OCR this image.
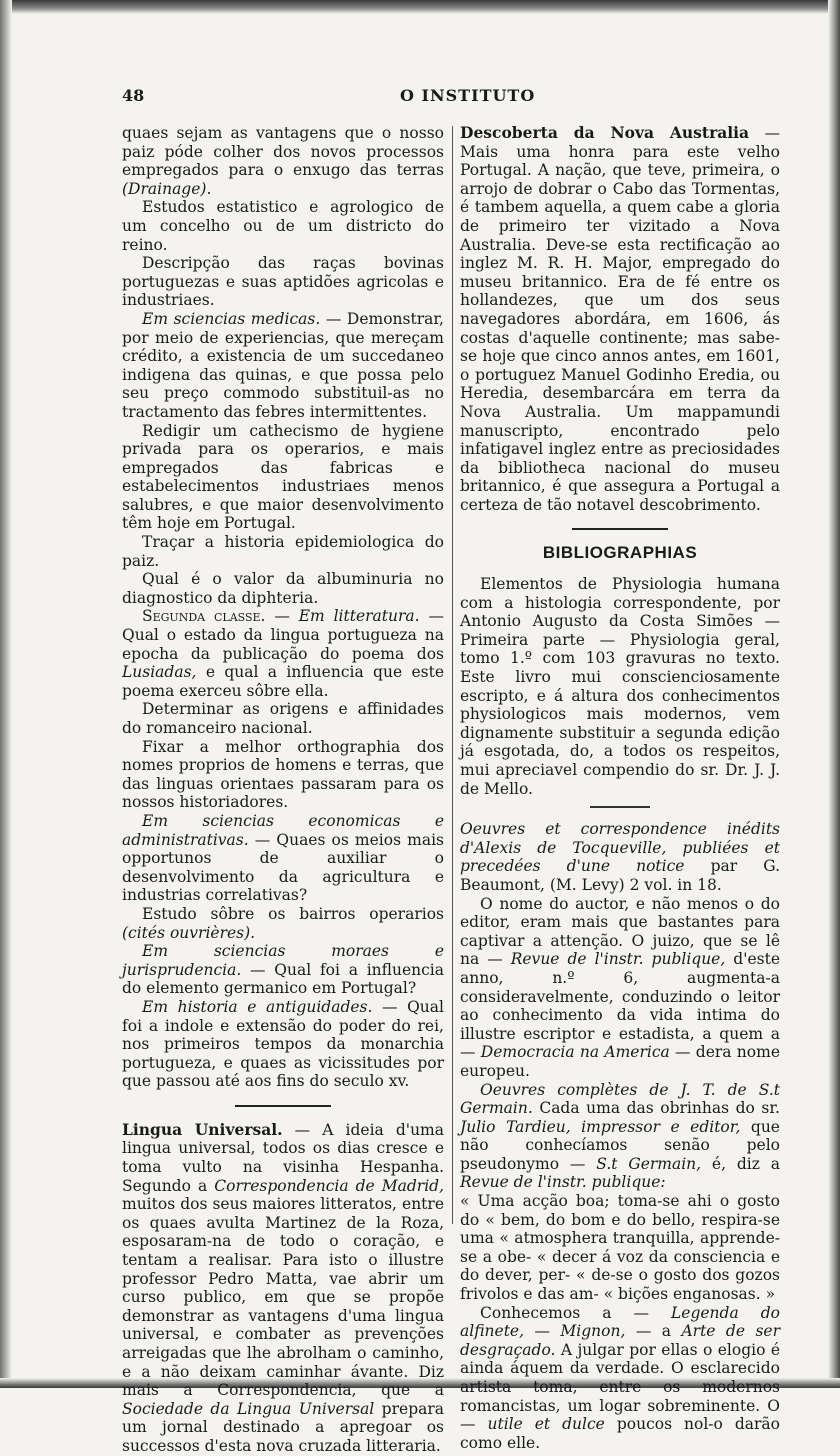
48	O INSTITUTO

quaes sejam as vantagens que o nosso paiz póde colher dos novos processos empregados para o enxugo das terras (Drainage).

Estudos estatistico e agrologico de um concelho ou de um districto do reino.

Descripção das raças bovinas portuguezas e suas aptidões agricolas e industriaes.

Em sciencias medicas. — Demonstrar, por meio de experiencias, que mereçam crédito, a existencia de um succedaneo indigena das quinas, e que possa pelo seu preço commodo substituil-as no tractamento das febres intermittentes.

Redigir um cathecismo de hygiene privada para os operarios, e mais empregados das fabricas e estabelecimentos industriaes menos salubres, e que maior desenvolvimento têm hoje em Portugal.

Traçar a historia epidemiologica do paiz.

Qual é o valor da albuminuria no diagnostico da diphteria.

Segunda classe. — Em litteratura. — Qual o estado da lingua portugueza na epocha da publicação do poema dos Lusiadas, e qual a influencia que este poema exerceu sôbre ella.

Determinar as origens e affinidades do romanceiro nacional.

Fixar a melhor orthographia dos nomes proprios de homens e terras, que das linguas orientaes passaram para os nossos historiadores.

Em sciencias economicas e administrativas. — Quaes os meios mais opportunos de auxiliar o desenvolvimento da agricultura e industrias correlativas?

Estudo sôbre os bairros operarios (cités ouvrières).

Em sciencias moraes e jurisprudencia. — Qual foi a influencia do elemento germanico em Portugal?

Em historia e antiguidades. — Qual foi a indole e extensão do poder do rei, nos primeiros tempos da monarchia portugueza, e quaes as vicissitudes por que passou até aos fins do seculo xv.

Lingua Universal. — A ideia d'uma lingua universal, todos os dias cresce e toma vulto na visinha Hespanha. Segundo a Correspondencia de Madrid, muitos dos seus maiores litteratos, entre os quaes avulta Martinez de la Roza, esposaram-na de todo o coração, e tentam a realisar. Para isto o illustre professor Pedro Matta, vae abrir um curso publico, em que se propõe demonstrar as vantagens d'uma lingua universal, e combater as prevenções arreigadas que lhe abrolham o caminho, e a não deixam caminhar ávante. Diz mais a Correspondencia, que a Sociedade da Lingua Universal prepara um jornal destinado a apregoar os successos d'esta nova cruzada litteraria.

Descoberta da Nova Australia — Mais uma honra para este velho Portugal. A nação, que teve, primeira, o arrojo de dobrar o Cabo das Tormentas, é tambem aquella, a quem cabe a gloria de primeiro ter vizitado a Nova Australia. Deve-se esta rectificação ao inglez M. R. H. Major, empregado do museu britannico. Era de fé entre os hollandezes, que um dos seus navegadores abordára, em 1606, ás costas d'aquelle continente; mas sabe-se hoje que cinco annos antes, em 1601, o portuguez Manuel Godinho Eredia, ou Heredia, desembarcára em terra da Nova Australia. Um mappamundi manuscripto, encontrado pelo infatigavel inglez entre as preciosidades da bibliotheca nacional do museu britannico, é que assegura a Portugal a certeza de tão notavel descobrimento.

BIBLIOGRAPHIAS

Elementos de Physiologia humana com a histologia correspondente, por Antonio Augusto da Costa Simões — Primeira parte — Physiologia geral, tomo 1.º com 103 gravuras no texto. Este livro mui conscienciosamente escripto, e á altura dos conhecimentos physiologicos mais modernos, vem dignamente substituir a segunda edição já esgotada, do, a todos os respeitos, mui apreciavel compendio do sr. Dr. J. J. de Mello.

Oeuvres et correspondence inédits d'Alexis de Tocqueville, publiées et precedées d'une notice par G. Beaumont, (M. Levy) 2 vol. in 18.

O nome do auctor, e não menos o do editor, eram mais que bastantes para captivar a attenção. O juizo, que se lê na — Revue de l'instr. publique, d'este anno, n.º 6, augmenta-a consideravelmente, conduzindo o leitor ao conhecimento da vida intima do illustre escriptor e estadista, a quem a — Democracia na America — dera nome europeu.

Oeuvres complètes de J. T. de S.t Germain. Cada uma das obrinhas do sr. Julio Tardieu, impressor e editor, que não conhecíamos senão pelo pseudonymo — S.t Germain, é, diz a Revue de l'instr. publique:

« Uma acção boa; toma-se ahi o gosto do « bem, do bom e do bello, respira-se uma « atmosphera tranquilla, apprende-se a obe- « decer á voz da consciencia e do dever, per- « de-se o gosto dos gozos frivolos e das am- « bições enganosas. »

Conhecemos a — Legenda do alfinete, — Mignon, — a Arte de ser desgraçado. A julgar por ellas o elogio é ainda áquem da verdade. O esclarecido artista toma, entre os modernos romancistas, um logar sobreminente. O — utile et dulce poucos nol-o darão como elle.
